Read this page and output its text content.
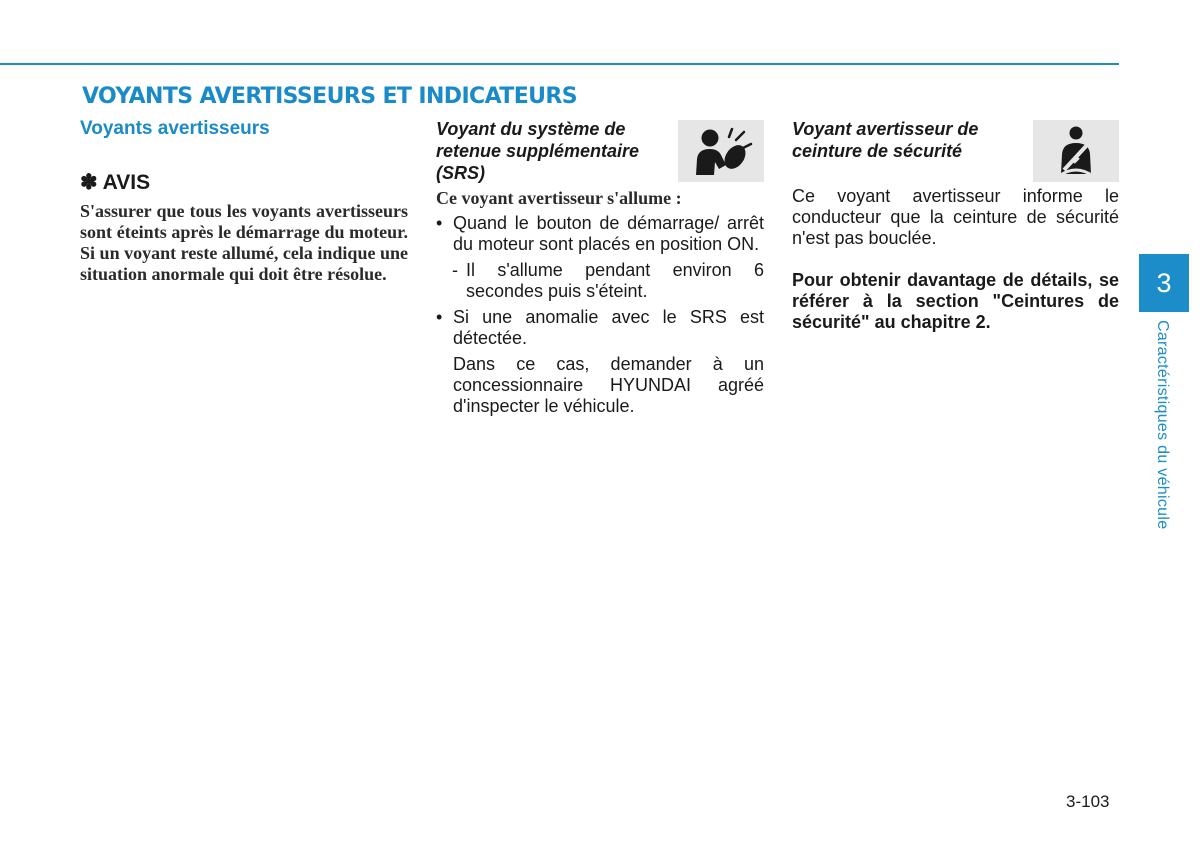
VOYANTS AVERTISSEURS ET INDICATEURS
Voyants avertisseurs
✽ AVIS

S'assurer que tous les voyants avertisseurs sont éteints après le démarrage du moteur. Si un voyant reste allumé, cela indique une situation anormale qui doit être résolue.

Voyant du système de retenue supplémentaire (SRS)

Ce voyant avertisseur s'allume :

• Quand le bouton de démarrage/ arrêt du moteur sont placés en position ON.
- Il s'allume pendant environ 6 secondes puis s'éteint.
• Si une anomalie avec le SRS est détectée.

Dans ce cas, demander à un concessionnaire HYUNDAI agréé d'inspecter le véhicule.

Voyant avertisseur de ceinture de sécurité

Ce voyant avertisseur informe le conducteur que la ceinture de sécurité n'est pas bouclée.

Pour obtenir davantage de détails, se référer à la section "Ceintures de sécurité" au chapitre 2.

3
Caractéristiques du véhicule
3-103
